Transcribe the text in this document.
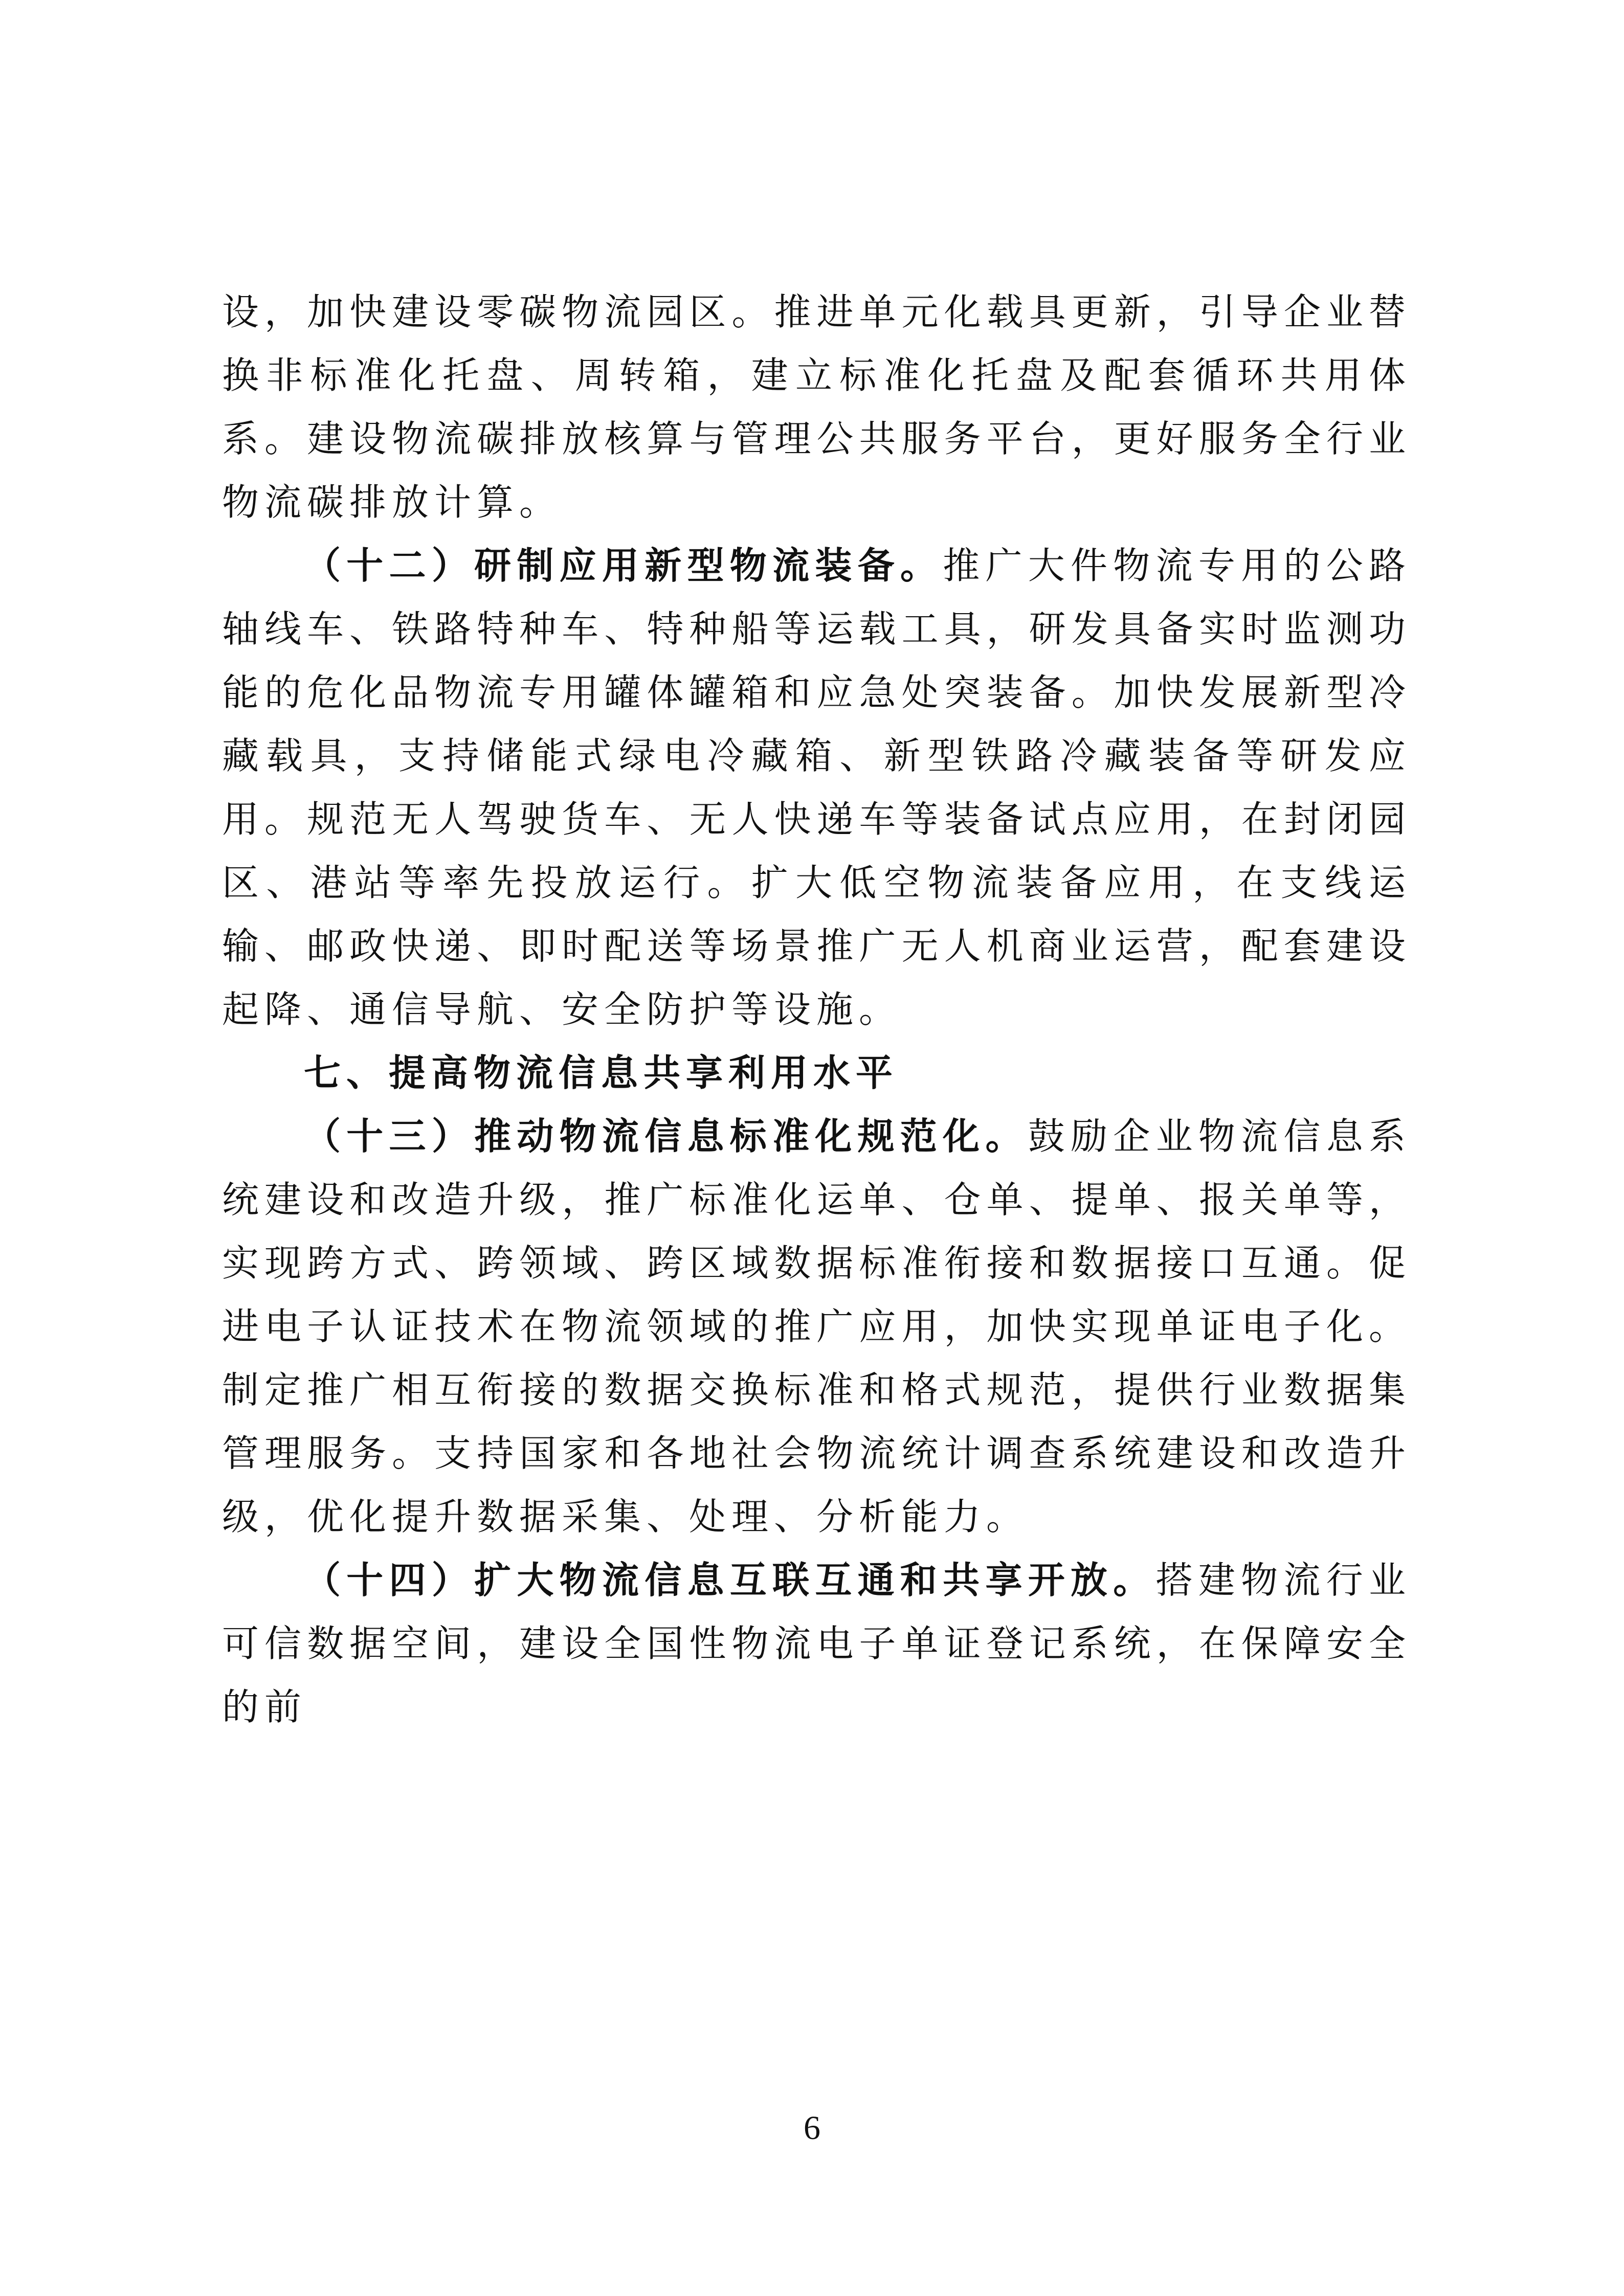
设，加快建设零碳物流园区。推进单元化载具更新，引导企业替换非标准化托盘、周转箱，建立标准化托盘及配套循环共用体系。建设物流碳排放核算与管理公共服务平台，更好服务全行业物流碳排放计算。

（十二）研制应用新型物流装备。推广大件物流专用的公路轴线车、铁路特种车、特种船等运载工具，研发具备实时监测功能的危化品物流专用罐体罐箱和应急处突装备。加快发展新型冷藏载具，支持储能式绿电冷藏箱、新型铁路冷藏装备等研发应用。规范无人驾驶货车、无人快递车等装备试点应用，在封闭园区、港站等率先投放运行。扩大低空物流装备应用，在支线运输、邮政快递、即时配送等场景推广无人机商业运营，配套建设起降、通信导航、安全防护等设施。

七、提高物流信息共享利用水平

（十三）推动物流信息标准化规范化。鼓励企业物流信息系统建设和改造升级，推广标准化运单、仓单、提单、报关单等，实现跨方式、跨领域、跨区域数据标准衔接和数据接口互通。促进电子认证技术在物流领域的推广应用，加快实现单证电子化。制定推广相互衔接的数据交换标准和格式规范，提供行业数据集管理服务。支持国家和各地社会物流统计调查系统建设和改造升级，优化提升数据采集、处理、分析能力。

（十四）扩大物流信息互联互通和共享开放。搭建物流行业可信数据空间，建设全国性物流电子单证登记系统，在保障安全的前

6
